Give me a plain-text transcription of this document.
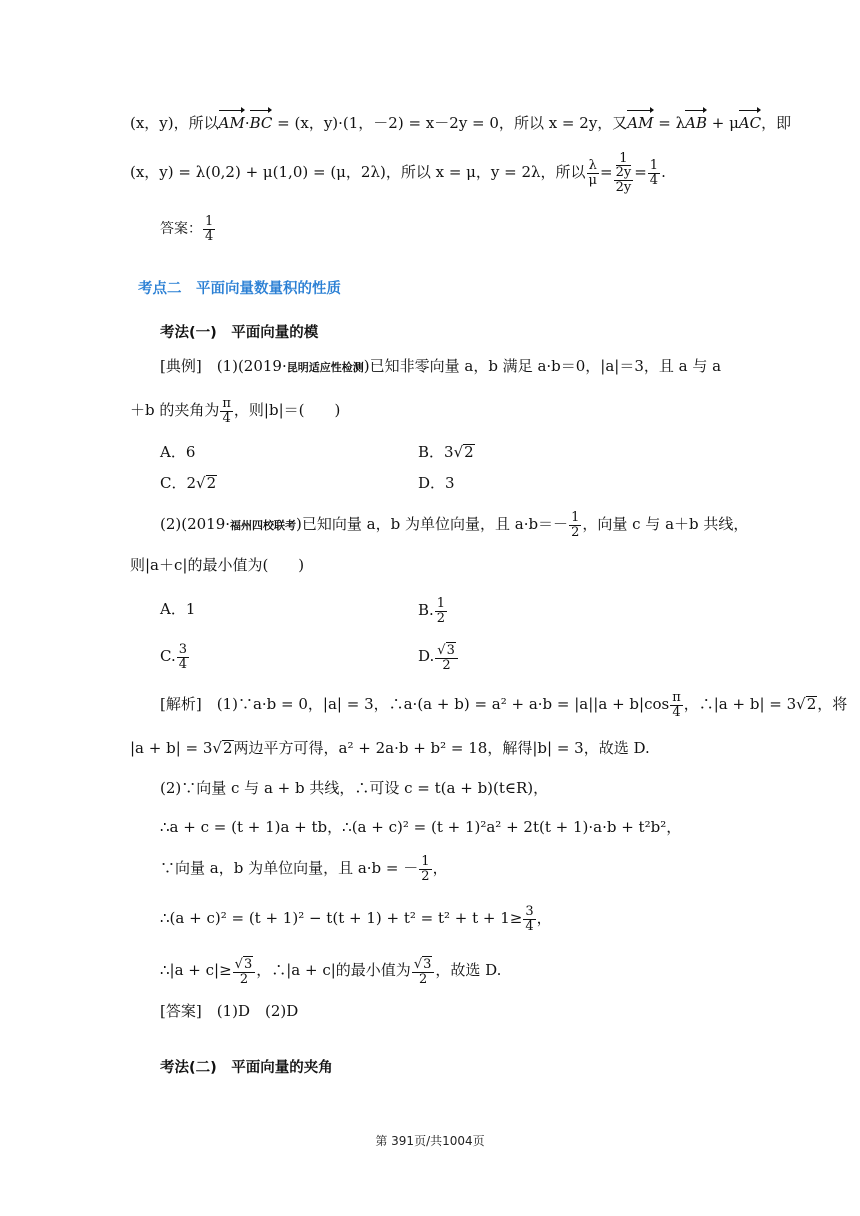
(x，y)，所以AM·BC = (x，y)·(1，－2) = x－2y = 0，所以 x = 2y，又AM = λAB + μAC，即
(x，y) = λ(0,2) + μ(1,0) = (μ，2λ)，所以 x = μ，y = 2λ，所以 $\frac{\lambda}{\mu} = 1$
2y
$2y = \frac{1}{4}$ .
答案： $\frac{1}{4}$
考点二　平面向量数量积的性质
考法(一)　平面向量的模
[典例]　(1)(2019·昆明适应性检测)已知非零向量 a，b 满足 a·b＝0，|a|＝3，且 a 与 a
＋b 的夹角为 $\frac{\pi}{4}$ ，则|b|＝(　　)
A．6	B．3√2
C．2√2	D．3
(2)(2019·福州四校联考)已知向量 a，b 为单位向量，且 $a\cdot b=- \frac{1}{2}$ ，向量 c 与 a＋b 共线，
则|a＋c|的最小值为(　　)
A．1	B. $\frac{1}{2}$
C. $\frac{3}{4}$	D. $\frac{√3}{2}$
[解析]　(1)∵a·b = 0，|a| = 3，∴a·(a + $b) = a^2 + a\cdot b = |a||a + b|\cos \frac{\pi}{4}$ ，∴|a + b| = 3√2，将
|a + b| = 3√2两边平方可得，a² + 2a·b + b² = 18，解得|b| = 3，故选 D.
(2)∵向量 c 与 a + b 共线，∴可设 c = t(a + b)(t∈R)，
∴a + c = (t + 1)a + tb，∴(a + c)² = (t + 1)²a² + 2t(t + 1)·a·b + t²b²，
∵向量 a，b 为单位向量，且 a·b = － $\frac{1}{2}$ ，
∴(a + $c)^2 = (t + 1)^2 - t(t + 1) + t^2 = t^2 + t + 1\ge \frac{3}{4}$ ，
∴|a + $c|\ge \frac{√3}{2}$ ，∴|a + c|的最小值为 $\frac{√3}{2}$ ，故选 D.
[答案]　(1)D　(2)D
考法(二)　平面向量的夹角
第 391页/共1004页
